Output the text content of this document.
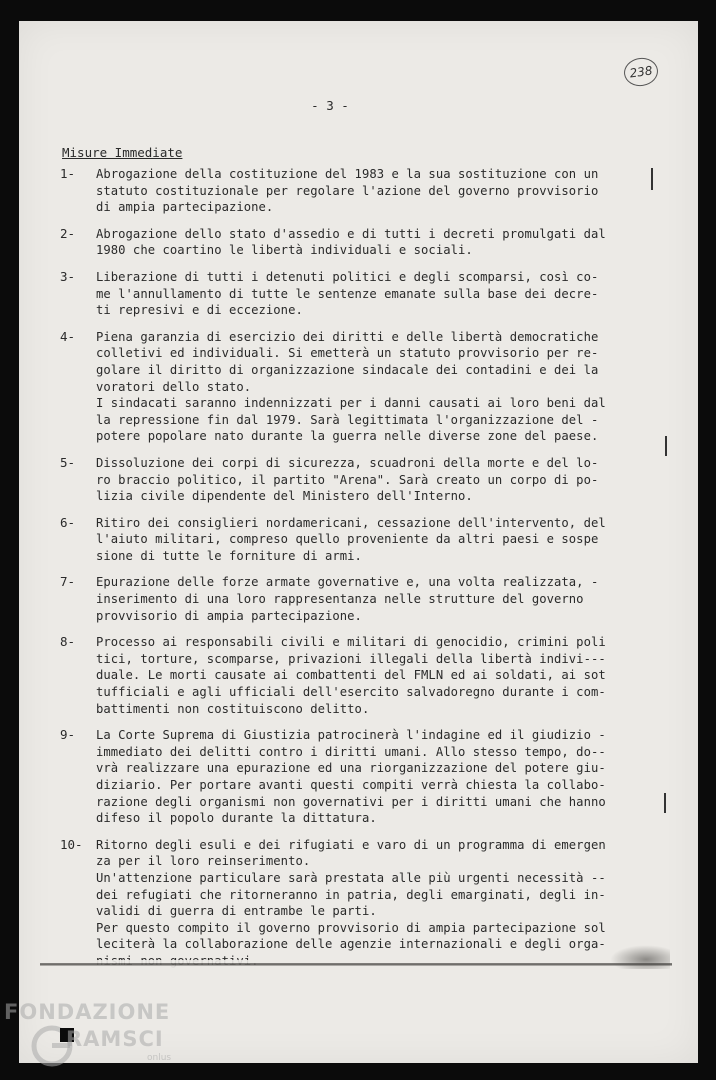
238
- 3 -
Misure Immediate
1-	Abrogazione della costituzione del 1983 e la sua sostituzione con un
statuto costituzionale per regolare l'azione del governo provvisorio
di ampia partecipazione.
2-	Abrogazione dello stato d'assedio e di tutti i decreti promulgati dal
1980 che coartino le libertà individuali e sociali.
3-	Liberazione di tutti i detenuti politici e degli scomparsi, così co-
me l'annullamento di tutte le sentenze emanate sulla base dei decre-
ti represivi e di eccezione.
4-	Piena garanzia di esercizio dei diritti e delle libertà democratiche
colletivi ed individuali. Si emetterà un statuto provvisorio per re-
golare il diritto di organizzazione sindacale dei contadini e dei la
voratori dello stato.
I sindacati saranno indennizzati per i danni causati ai loro beni dal
la repressione fin dal 1979. Sarà legittimata l'organizzazione del -
potere popolare nato durante la guerra nelle diverse zone del paese.
5-	Dissoluzione dei corpi di sicurezza, scuadroni della morte e del lo-
ro braccio politico, il partito "Arena". Sarà creato un corpo di po-
lizia civile dipendente del Ministero dell'Interno.
6-	Ritiro dei consiglieri nordamericani, cessazione dell'intervento, del
l'aiuto militari, compreso quello proveniente da altri paesi e sospe
sione di tutte le forniture di armi.
7-	Epurazione delle forze armate governative e, una volta realizzata, -
inserimento di una loro rappresentanza nelle strutture del governo
provvisorio di ampia partecipazione.
8-	Processo ai responsabili civili e militari di genocidio, crimini poli
tici, torture, scomparse, privazioni illegali della libertà indivi---
duale. Le morti causate ai combattenti del FMLN ed ai soldati, ai sot
tufficiali e agli ufficiali dell'esercito salvadoregno durante i com-
battimenti non costituiscono delitto.
9-	La Corte Suprema di Giustizia patrocinerà l'indagine ed il giudizio -
immediato dei delitti contro i diritti umani. Allo stesso tempo, do--
vrà realizzare una epurazione ed una riorganizzazione del potere giu-
diziario. Per portare avanti questi compiti verrà chiesta la collabo-
razione degli organismi non governativi per i diritti umani che hanno
difeso il popolo durante la dittatura.
10-	Ritorno degli esuli e dei rifugiati e varo di un programma di emergen
za per il loro reinserimento.
Un'attenzione particulare sarà prestata alle più urgenti necessità --
dei refugiati che ritorneranno in patria, degli emarginati, degli in-
validi di guerra di entrambe le parti.
Per questo compito il governo provvisorio di ampia partecipazione sol
leciterà la collaborazione delle agenzie internazionali e degli orga-
FONDAZIONE
RAMSCI
onlus
